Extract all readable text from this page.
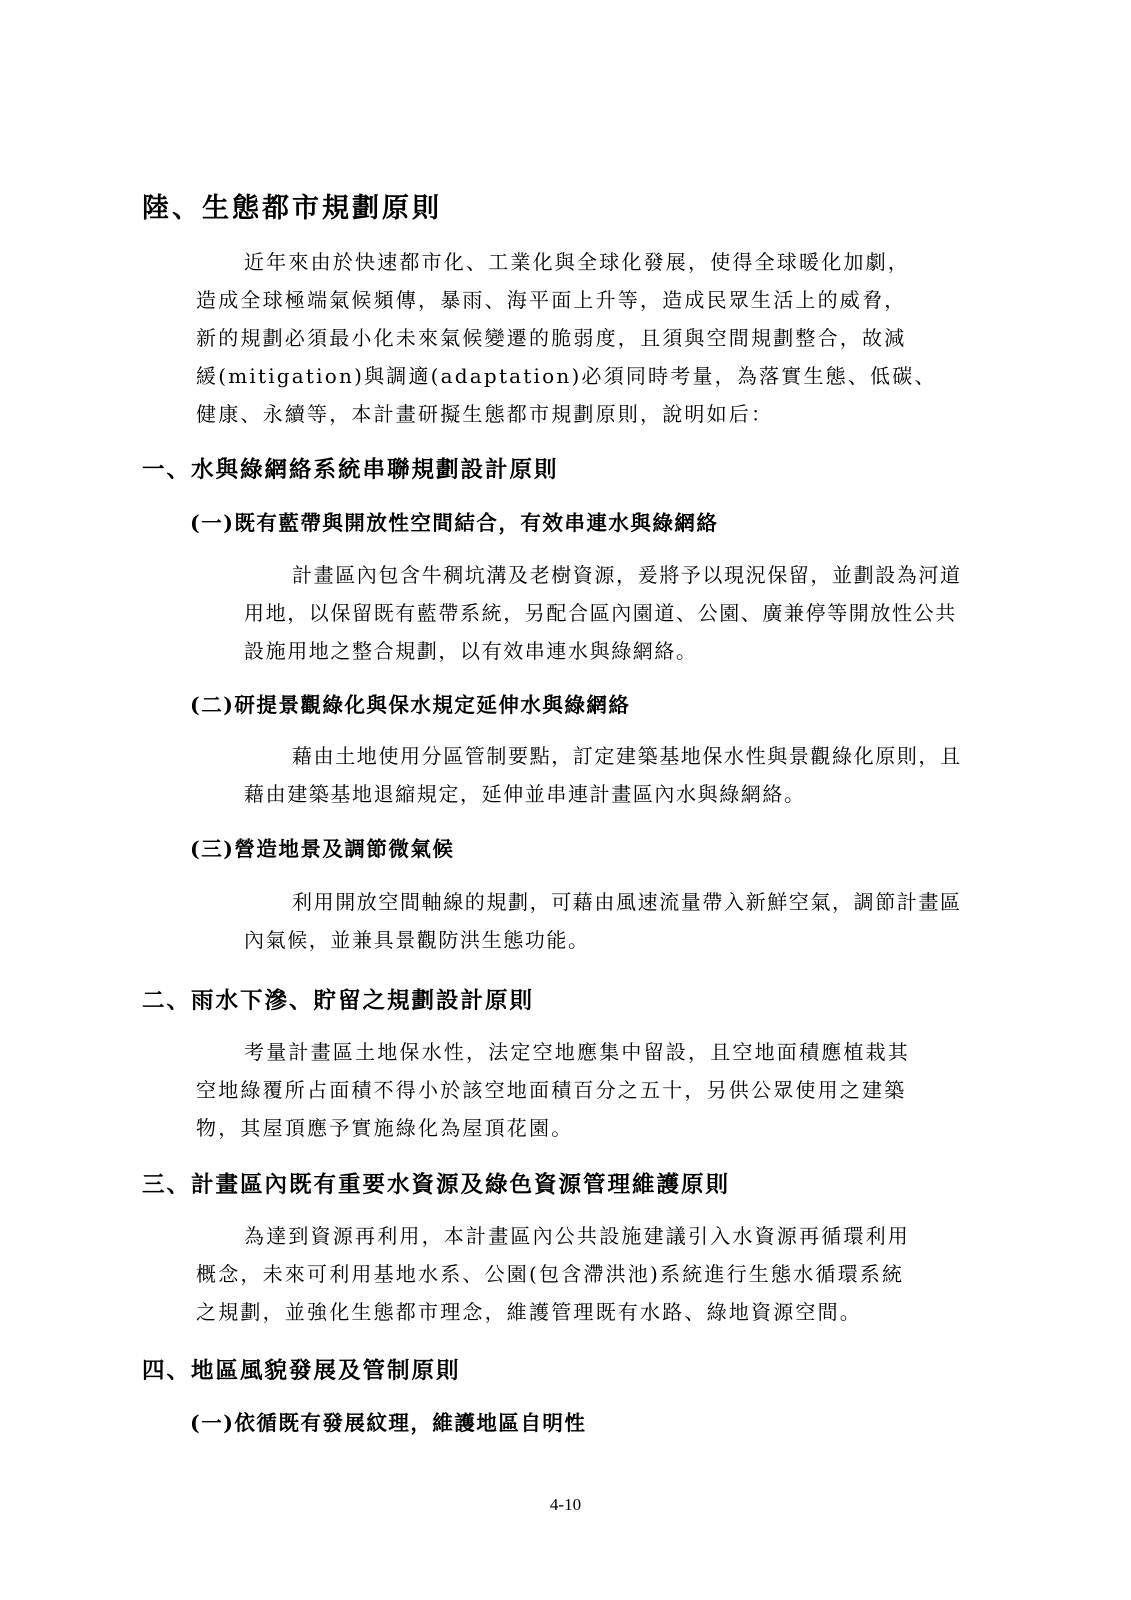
陸、生態都市規劃原則
近年來由於快速都市化、工業化與全球化發展，使得全球暖化加劇，
造成全球極端氣候頻傳，暴雨、海平面上升等，造成民眾生活上的威脅，
新的規劃必須最小化未來氣候變遷的脆弱度，且須與空間規劃整合，故減
緩(mitigation)與調適(adaptation)必須同時考量，為落實生態、低碳、
健康、永續等，本計畫研擬生態都市規劃原則，說明如后：
一、水與綠網絡系統串聯規劃設計原則
(一)既有藍帶與開放性空間結合，有效串連水與綠網絡
計畫區內包含牛稠坑溝及老樹資源，爰將予以現況保留，並劃設為河道
用地，以保留既有藍帶系統，另配合區內園道、公園、廣兼停等開放性公共
設施用地之整合規劃，以有效串連水與綠網絡。
(二)研提景觀綠化與保水規定延伸水與綠網絡
藉由土地使用分區管制要點，訂定建築基地保水性與景觀綠化原則，且
藉由建築基地退縮規定，延伸並串連計畫區內水與綠網絡。
(三)營造地景及調節微氣候
利用開放空間軸線的規劃，可藉由風速流量帶入新鮮空氣，調節計畫區
內氣候，並兼具景觀防洪生態功能。
二、雨水下滲、貯留之規劃設計原則
考量計畫區土地保水性，法定空地應集中留設，且空地面積應植栽其
空地綠覆所占面積不得小於該空地面積百分之五十，另供公眾使用之建築
物，其屋頂應予實施綠化為屋頂花園。
三、計畫區內既有重要水資源及綠色資源管理維護原則
為達到資源再利用，本計畫區內公共設施建議引入水資源再循環利用
概念，未來可利用基地水系、公園(包含滯洪池)系統進行生態水循環系統
之規劃，並強化生態都市理念，維護管理既有水路、綠地資源空間。
四、地區風貌發展及管制原則
(一)依循既有發展紋理，維護地區自明性
4-10
